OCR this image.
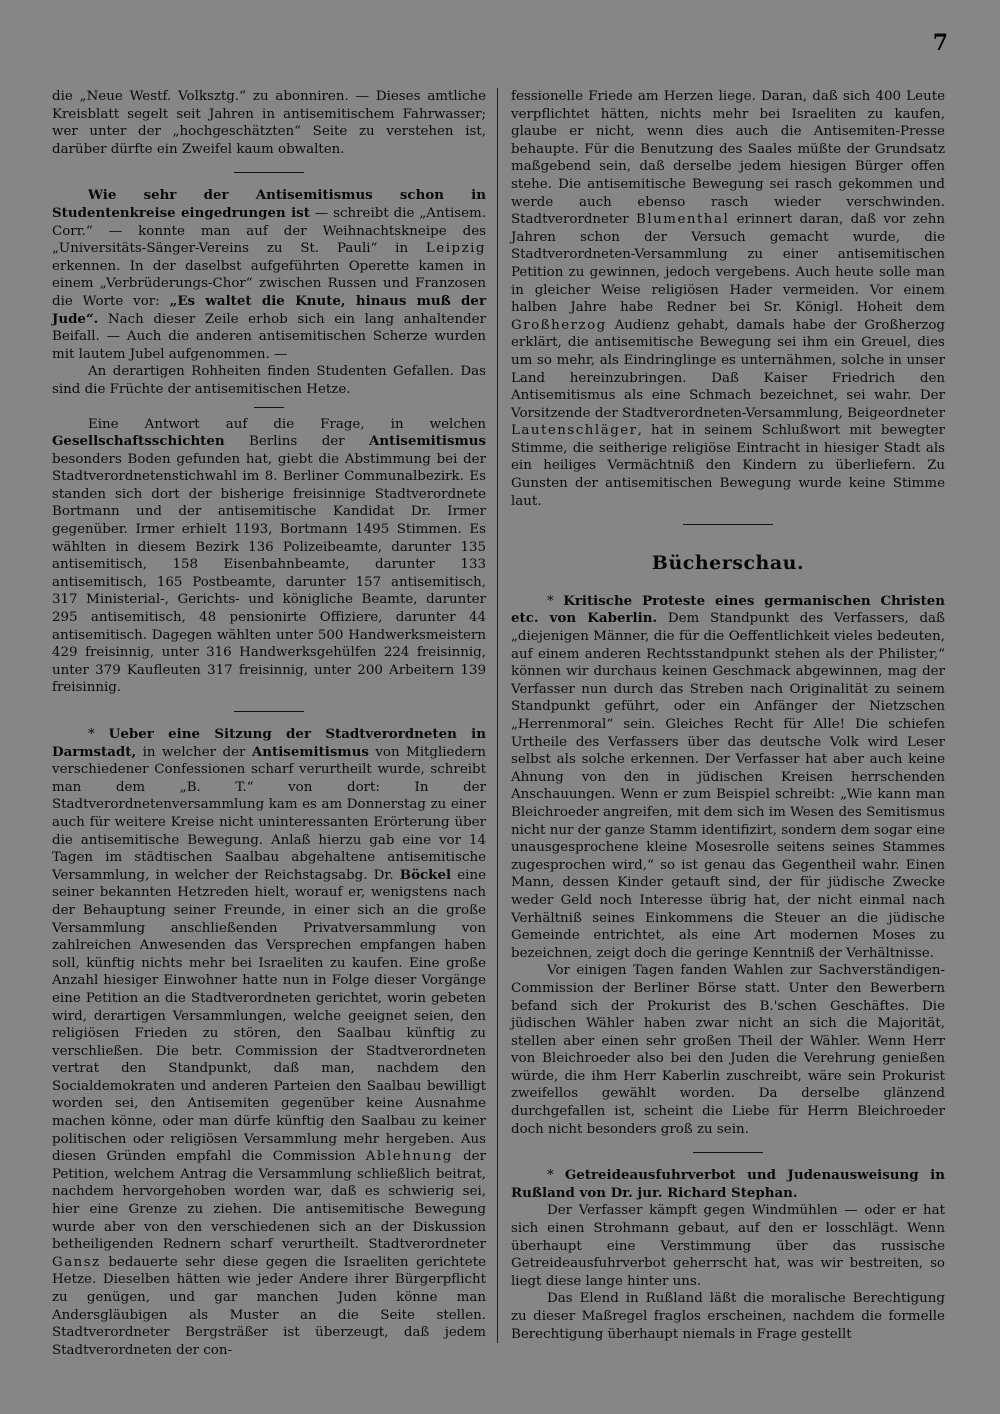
7

die „Neue Westf. Volksztg.“ zu abonniren. — Dieses amtliche Kreisblatt segelt seit Jahren in antisemitischem Fahrwasser; wer unter der „hochgeschätzten“ Seite zu verstehen ist, darüber dürfte ein Zweifel kaum obwalten.

Wie sehr der Antisemitismus schon in Studentenkreise eingedrungen ist — schreibt die „Antisem. Corr.“ — konnte man auf der Weihnachtskneipe des „Universitäts-Sänger-Vereins zu St. Pauli“ in Leipzig erkennen. In der daselbst aufgeführten Operette kamen in einem „Verbrüderungs-Chor“ zwischen Russen und Franzosen die Worte vor: „Es waltet die Knute, hinaus muß der Jude“. Nach dieser Zeile erhob sich ein lang anhaltender Beifall. — Auch die anderen antisemitischen Scherze wurden mit lautem Jubel aufgenommen. —

An derartigen Rohheiten finden Studenten Gefallen. Das sind die Früchte der antisemitischen Hetze.

Eine Antwort auf die Frage, in welchen Gesellschaftsschichten Berlins der Antisemitismus besonders Boden gefunden hat, giebt die Abstimmung bei der Stadtverordnetenstichwahl im 8. Berliner Communalbezirk. Es standen sich dort der bisherige freisinnige Stadtverordnete Bortmann und der antisemitische Kandidat Dr. Irmer gegenüber. Irmer erhielt 1193, Bortmann 1495 Stimmen. Es wählten in diesem Bezirk 136 Polizeibeamte, darunter 135 antisemitisch, 158 Eisenbahnbeamte, darunter 133 antisemitisch, 165 Postbeamte, darunter 157 antisemitisch, 317 Ministerial-, Gerichts- und königliche Beamte, darunter 295 antisemitisch, 48 pensionirte Offiziere, darunter 44 antisemitisch. Dagegen wählten unter 500 Handwerksmeistern 429 freisinnig, unter 316 Handwerksgehülfen 224 freisinnig, unter 379 Kaufleuten 317 freisinnig, unter 200 Arbeitern 139 freisinnig.

* Ueber eine Sitzung der Stadtverordneten in Darmstadt, in welcher der Antisemitismus von Mitgliedern verschiedener Confessionen scharf verurtheilt wurde, schreibt man dem „B. T.“ von dort: In der Stadtverordnetenversammlung kam es am Donnerstag zu einer auch für weitere Kreise nicht uninteressanten Erörterung über die antisemitische Bewegung. Anlaß hierzu gab eine vor 14 Tagen im städtischen Saalbau abgehaltene antisemitische Versammlung, in welcher der Reichstagsabg. Dr. Böckel eine seiner bekannten Hetzreden hielt, worauf er, wenigstens nach der Behauptung seiner Freunde, in einer sich an die große Versammlung anschließenden Privatversammlung von zahlreichen Anwesenden das Versprechen empfangen haben soll, künftig nichts mehr bei Israeliten zu kaufen. Eine große Anzahl hiesiger Einwohner hatte nun in Folge dieser Vorgänge eine Petition an die Stadtverordneten gerichtet, worin gebeten wird, derartigen Versammlungen, welche geeignet seien, den religiösen Frieden zu stören, den Saalbau künftig zu verschließen. Die betr. Commission der Stadtverordneten vertrat den Standpunkt, daß man, nachdem den Socialdemokraten und anderen Parteien den Saalbau bewilligt worden sei, den Antisemiten gegenüber keine Ausnahme machen könne, oder man dürfe künftig den Saalbau zu keiner politischen oder religiösen Versammlung mehr hergeben. Aus diesen Gründen empfahl die Commission Ablehnung der Petition, welchem Antrag die Versammlung schließlich beitrat, nachdem hervorgehoben worden war, daß es schwierig sei, hier eine Grenze zu ziehen. Die antisemitische Bewegung wurde aber von den verschiedenen sich an der Diskussion betheiligenden Rednern scharf verurtheilt. Stadtverordneter Gansz bedauerte sehr diese gegen die Israeliten gerichtete Hetze. Dieselben hätten wie jeder Andere ihrer Bürgerpflicht zu genügen, und gar manchen Juden könne man Andersgläubigen als Muster an die Seite stellen. Stadtverordneter Bergsträßer ist überzeugt, daß jedem Stadtverordneten der con-

fessionelle Friede am Herzen liege. Daran, daß sich 400 Leute verpflichtet hätten, nichts mehr bei Israeliten zu kaufen, glaube er nicht, wenn dies auch die Antisemiten-Presse behaupte. Für die Benutzung des Saales müßte der Grundsatz maßgebend sein, daß derselbe jedem hiesigen Bürger offen stehe. Die antisemitische Bewegung sei rasch gekommen und werde auch ebenso rasch wieder verschwinden. Stadtverordneter Blumenthal erinnert daran, daß vor zehn Jahren schon der Versuch gemacht wurde, die Stadtverordneten-Versammlung zu einer antisemitischen Petition zu gewinnen, jedoch vergebens. Auch heute solle man in gleicher Weise religiösen Hader vermeiden. Vor einem halben Jahre habe Redner bei Sr. Königl. Hoheit dem Großherzog Audienz gehabt, damals habe der Großherzog erklärt, die antisemitische Bewegung sei ihm ein Greuel, dies um so mehr, als Eindringlinge es unternähmen, solche in unser Land hereinzubringen. Daß Kaiser Friedrich den Antisemitismus als eine Schmach bezeichnet, sei wahr. Der Vorsitzende der Stadtverordneten-Versammlung, Beigeordneter Lautenschläger, hat in seinem Schlußwort mit bewegter Stimme, die seitherige religiöse Eintracht in hiesiger Stadt als ein heiliges Vermächtniß den Kindern zu überliefern. Zu Gunsten der antisemitischen Bewegung wurde keine Stimme laut.

Bücherschau.

* Kritische Proteste eines germanischen Christen etc. von Kaberlin. Dem Standpunkt des Verfassers, daß „diejenigen Männer, die für die Oeffentlichkeit vieles bedeuten, auf einem anderen Rechtsstandpunkt stehen als der Philister,“ können wir durchaus keinen Geschmack abgewinnen, mag der Verfasser nun durch das Streben nach Originalität zu seinem Standpunkt geführt, oder ein Anfänger der Nietzschen „Herrenmoral“ sein. Gleiches Recht für Alle! Die schiefen Urtheile des Verfassers über das deutsche Volk wird Leser selbst als solche erkennen. Der Verfasser hat aber auch keine Ahnung von den in jüdischen Kreisen herrschenden Anschauungen. Wenn er zum Beispiel schreibt: „Wie kann man Bleichroeder angreifen, mit dem sich im Wesen des Semitismus nicht nur der ganze Stamm identifizirt, sondern dem sogar eine unausgesprochene kleine Mosesrolle seitens seines Stammes zugesprochen wird,“ so ist genau das Gegentheil wahr. Einen Mann, dessen Kinder getauft sind, der für jüdische Zwecke weder Geld noch Interesse übrig hat, der nicht einmal nach Verhältniß seines Einkommens die Steuer an die jüdische Gemeinde entrichtet, als eine Art modernen Moses zu bezeichnen, zeigt doch die geringe Kenntniß der Verhältnisse.

Vor einigen Tagen fanden Wahlen zur Sachverständigen-Commission der Berliner Börse statt. Unter den Bewerbern befand sich der Prokurist des B.'schen Geschäftes. Die jüdischen Wähler haben zwar nicht an sich die Majorität, stellen aber einen sehr großen Theil der Wähler. Wenn Herr von Bleichroeder also bei den Juden die Verehrung genießen würde, die ihm Herr Kaberlin zuschreibt, wäre sein Prokurist zweifellos gewählt worden. Da derselbe glänzend durchgefallen ist, scheint die Liebe für Herrn Bleichroeder doch nicht besonders groß zu sein.

* Getreideausfuhrverbot und Judenausweisung in Rußland von Dr. jur. Richard Stephan.

Der Verfasser kämpft gegen Windmühlen — oder er hat sich einen Strohmann gebaut, auf den er losschlägt. Wenn überhaupt eine Verstimmung über das russische Getreideausfuhrverbot geherrscht hat, was wir bestreiten, so liegt diese lange hinter uns.

Das Elend in Rußland läßt die moralische Berechtigung zu dieser Maßregel fraglos erscheinen, nachdem die formelle Berechtigung überhaupt niemals in Frage gestellt
